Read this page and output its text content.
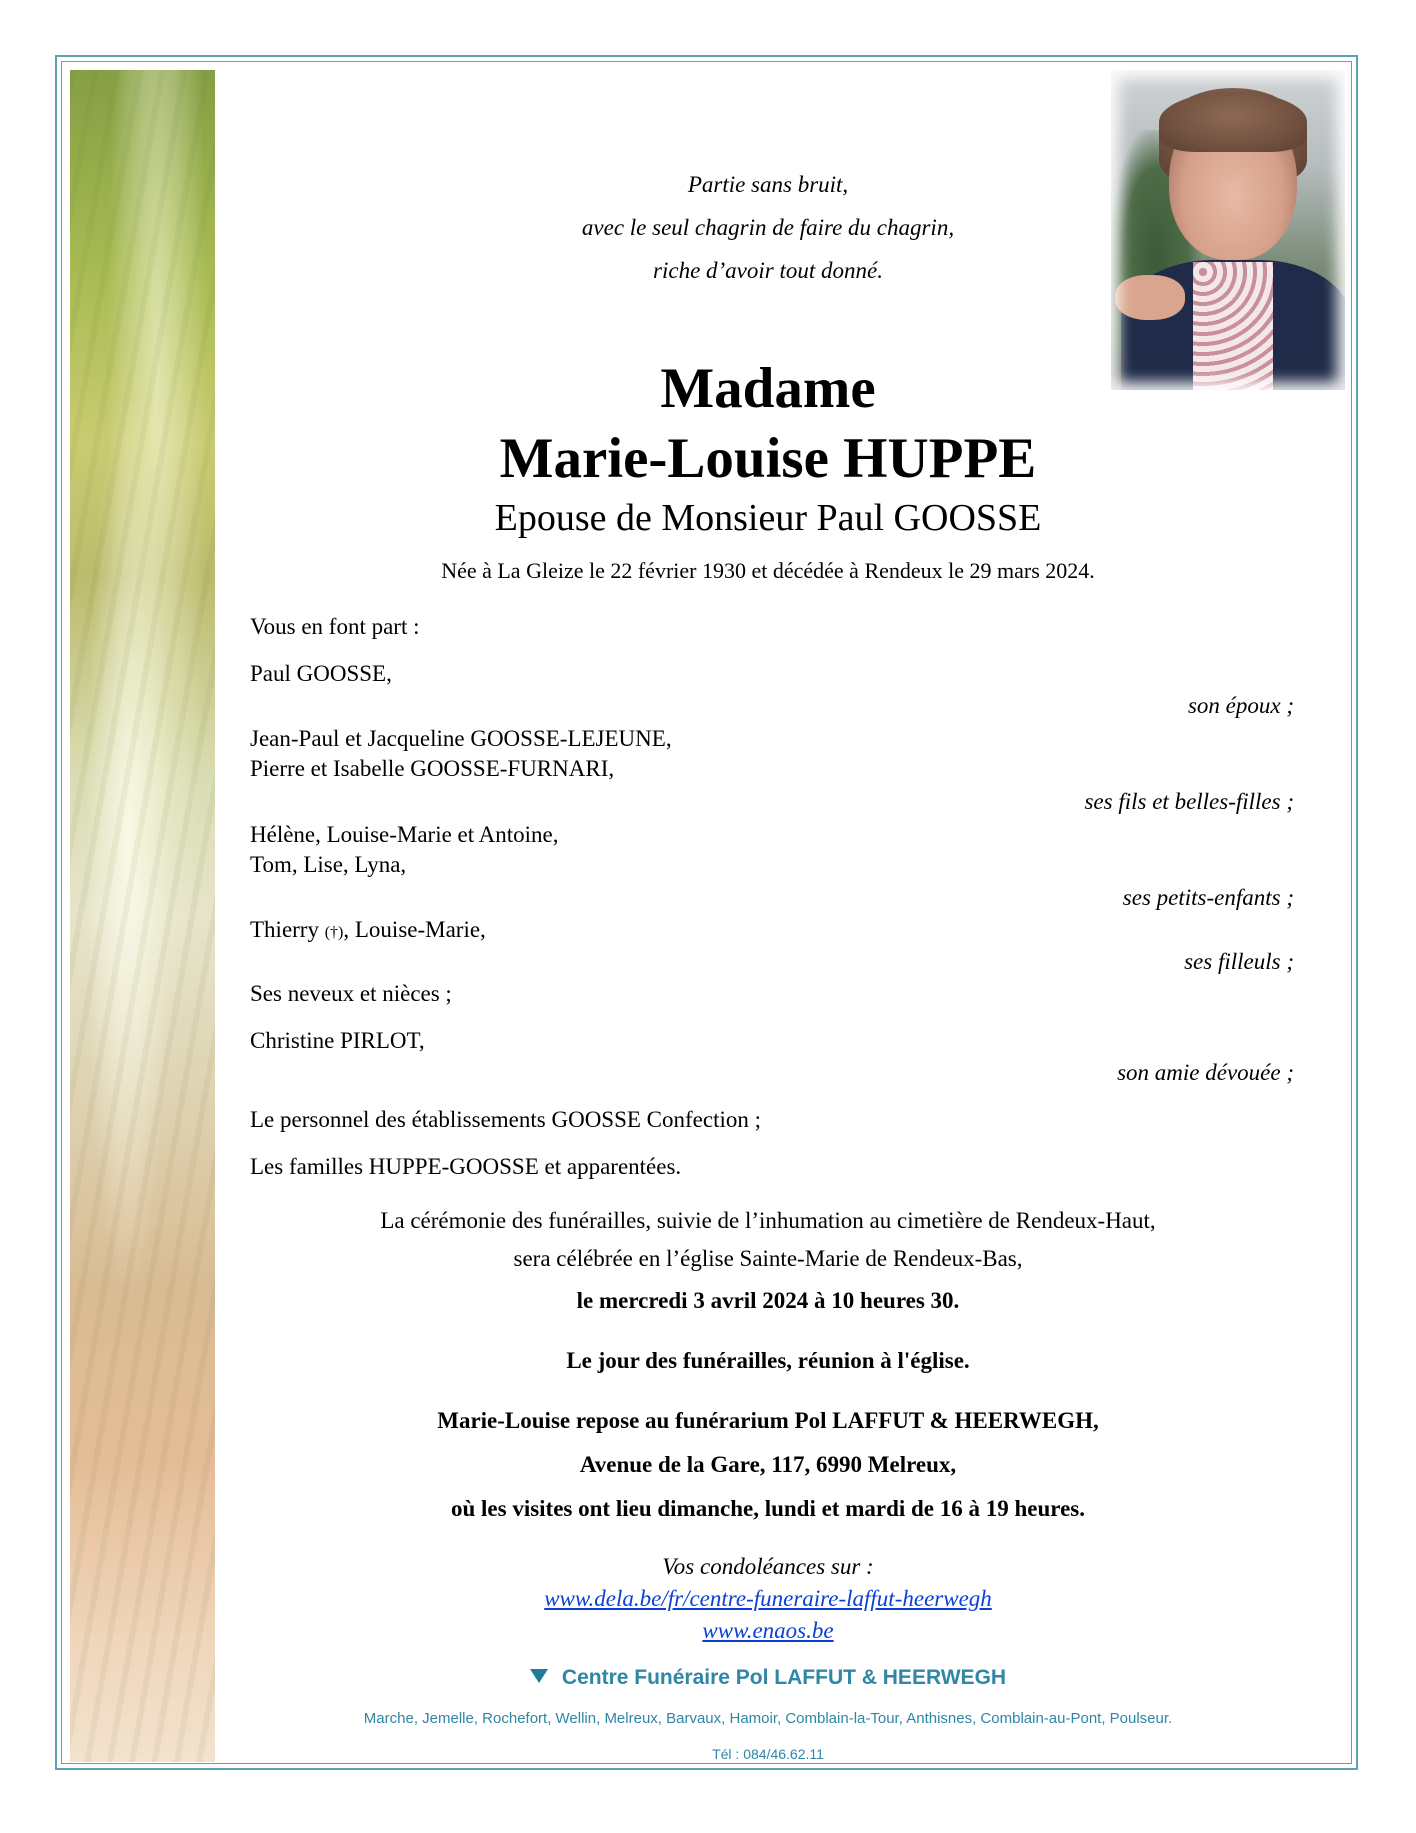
Partie sans bruit,
avec le seul chagrin de faire du chagrin,
riche d’avoir tout donné.
Madame
Marie-Louise HUPPE
Epouse de Monsieur Paul GOOSSE
Née à La Gleize le 22 février 1930 et décédée à Rendeux le 29 mars 2024.
Vous en font part :
Paul GOOSSE,
son époux ;
Jean-Paul et Jacqueline GOOSSE-LEJEUNE,
Pierre et Isabelle GOOSSE-FURNARI,
ses fils et belles-filles ;
Hélène, Louise-Marie et Antoine,
Tom, Lise, Lyna,
ses petits-enfants ;
Thierry (†), Louise-Marie,
ses filleuls ;
Ses neveux et nièces ;
Christine PIRLOT,
son amie dévouée ;
Le personnel des établissements GOOSSE Confection ;
Les familles HUPPE-GOOSSE et apparentées.
La cérémonie des funérailles, suivie de l’inhumation au cimetière de Rendeux-Haut,
sera célébrée en l’église Sainte-Marie de Rendeux-Bas,
le mercredi 3 avril 2024 à 10 heures 30.
Le jour des funérailles, réunion à l'église.
Marie-Louise repose au funérarium Pol LAFFUT & HEERWEGH,
Avenue de la Gare, 117, 6990 Melreux,
où les visites ont lieu dimanche, lundi et mardi de 16 à 19 heures.
Vos condoléances sur :
www.dela.be/fr/centre-funeraire-laffut-heerwegh
www.enaos.be
Centre Funéraire Pol LAFFUT & HEERWEGH
Marche, Jemelle, Rochefort, Wellin, Melreux, Barvaux, Hamoir, Comblain-la-Tour, Anthisnes, Comblain-au-Pont, Poulseur.
Tél : 084/46.62.11
